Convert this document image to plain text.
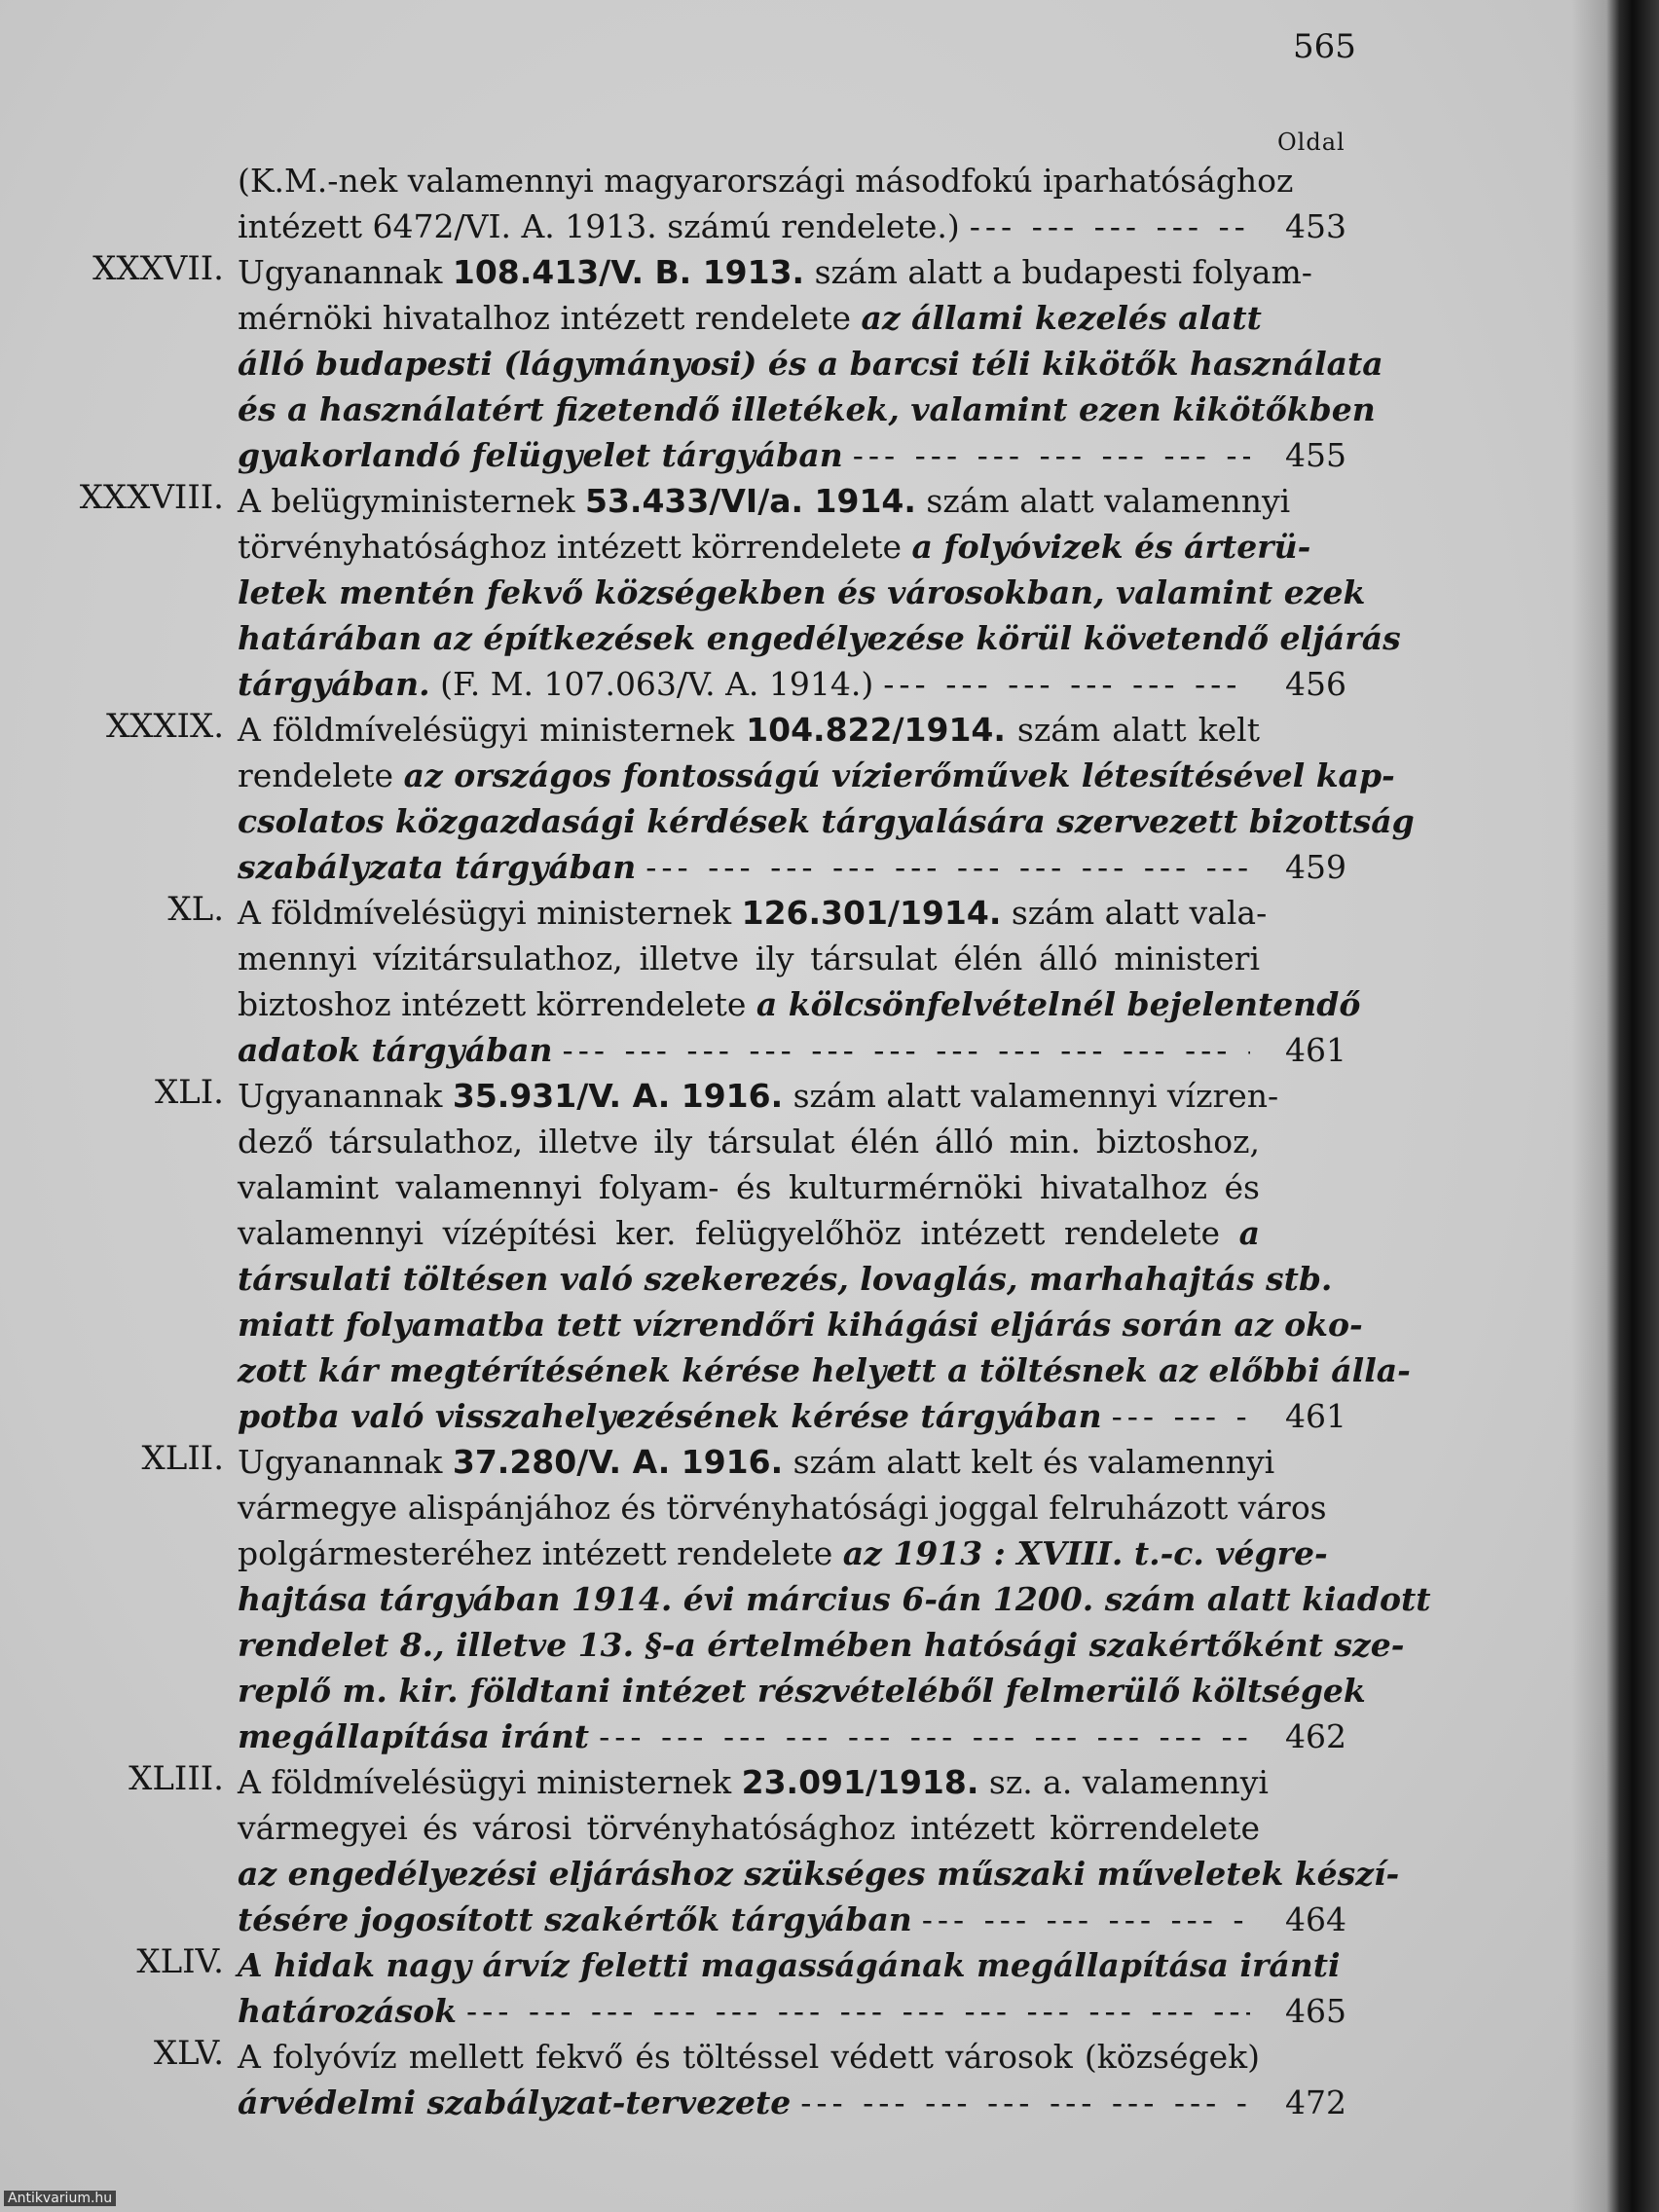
565
Oldal
(K.M.-nek valamennyi magyarországi másodfokú iparhatósághoz
intézett 6472/VI. A. 1913. számú rendelete.) --- -	453
XXXVII. Ugyanannak 108.413/V. B. 1913. szám alatt a budapesti folyam-
mérnöki hivatalhoz intézett rendelete az állami kezelés alatt
álló budapesti (lágymányosi) és a barcsi téli kikötők használata
és a használatért fizetendő illetékek, valamint ezen kikötőkben
gyakorlandó felügyelet tárgyában --- -	455
XXXVIII. A belügyministernek 53.433/VI/a. 1914. szám alatt valamennyi
törvényhatósághoz intézett körrendelete a folyóvizek és árterü-
letek mentén fekvő községekben és városokban, valamint ezek
határában az építkezések engedélyezése körül követendő eljárás
tárgyában. (F. M. 107.063/V. A. 1914.) --- -	456
XXXIX. A földmívelésügyi ministernek 104.822/1914. szám alatt kelt
rendelete az országos fontosságú vízierőművek létesítésével kap-
csolatos közgazdasági kérdések tárgyalására szervezett bizottság
szabályzata tárgyában --- -	459
XL. A földmívelésügyi ministernek 126.301/1914. szám alatt vala-
mennyi vízitársulathoz, illetve ily társulat élén álló ministeri
biztoshoz intézett körrendelete a kölcsönfelvételnél bejelentendő
adatok tárgyában --- -	461
XLI. Ugyanannak 35.931/V. A. 1916. szám alatt valamennyi vízren-
dező társulathoz, illetve ily társulat élén álló min. biztoshoz,
valamint valamennyi folyam- és kulturmérnöki hivatalhoz és
valamennyi vízépítési ker. felügyelőhöz intézett rendelete a
társulati töltésen való szekerezés, lovaglás, marhahajtás stb.
miatt folyamatba tett vízrendőri kihágási eljárás során az oko-
zott kár megtérítésének kérése helyett a töltésnek az előbbi álla-
potba való visszahelyezésének kérése tárgyában --- -	461
XLII. Ugyanannak 37.280/V. A. 1916. szám alatt kelt és valamennyi
vármegye alispánjához és törvényhatósági joggal felruházott város
polgármesteréhez intézett rendelete az 1913 : XVIII. t.-c. végre-
hajtása tárgyában 1914. évi március 6-án 1200. szám alatt kiadott
rendelet 8., illetve 13. §-a értelmében hatósági szakértőként sze-
replő m. kir. földtani intézet részvételéből felmerülő költségek
megállapítása iránt --- -	462
XLIII. A földmívelésügyi ministernek 23.091/1918. sz. a. valamennyi
vármegyei és városi törvényhatósághoz intézett körrendelete
az engedélyezési eljáráshoz szükséges műszaki műveletek készí-
tésére jogosított szakértők tárgyában --- -	464
XLIV. A hidak nagy árvíz feletti magasságának megállapítása iránti
határozások --- -	465
XLV. A folyóvíz mellett fekvő és töltéssel védett városok (községek)
árvédelmi szabályzat-tervezete --- -	472
Antikvarium.hu
